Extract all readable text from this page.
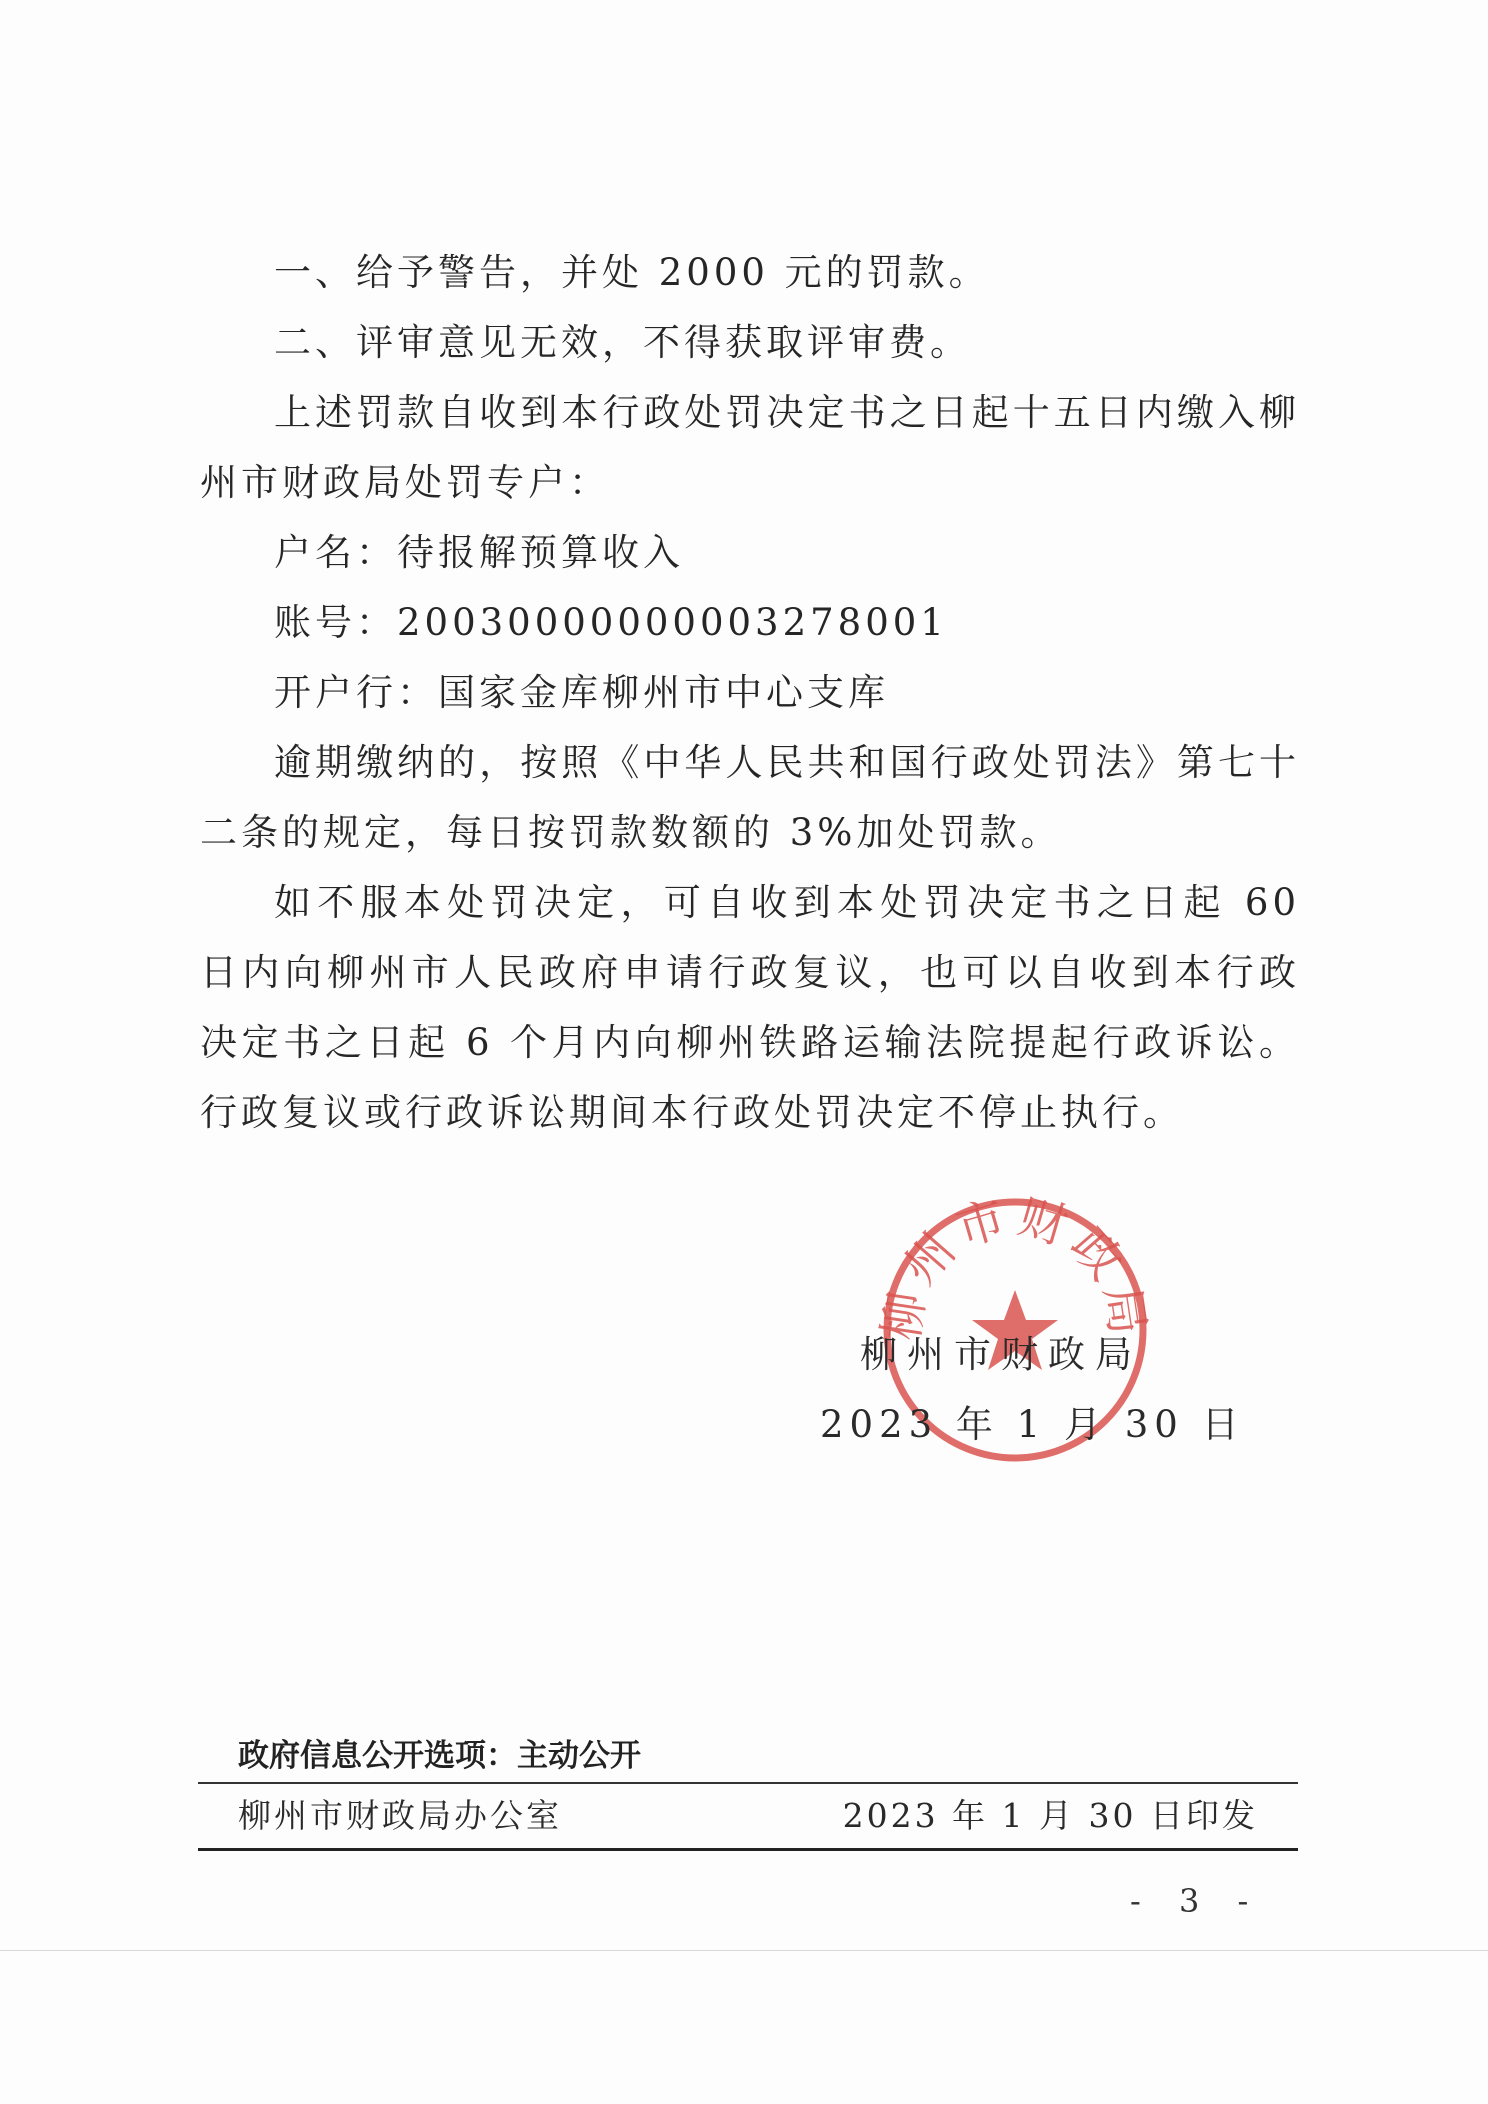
一、给予警告，并处 2000 元的罚款。

二、评审意见无效，不得获取评审费。

上述罚款自收到本行政处罚决定书之日起十五日内缴入柳州市财政局处罚专户：

户名：待报解预算收入

账号：20030000000003278001

开户行：国家金库柳州市中心支库

逾期缴纳的，按照《中华人民共和国行政处罚法》第七十二条的规定，每日按罚款数额的 3%加处罚款。

如不服本处罚决定，可自收到本处罚决定书之日起 60 日内向柳州市人民政府申请行政复议，也可以自收到本行政决定书之日起 6 个月内向柳州铁路运输法院提起行政诉讼。行政复议或行政诉讼期间本行政处罚决定不停止执行。

柳州市财政局
柳州市财政局
2023 年 1 月 30 日
政府信息公开选项：主动公开
柳州市财政局办公室	2023 年 1 月 30 日印发
- 3 -
